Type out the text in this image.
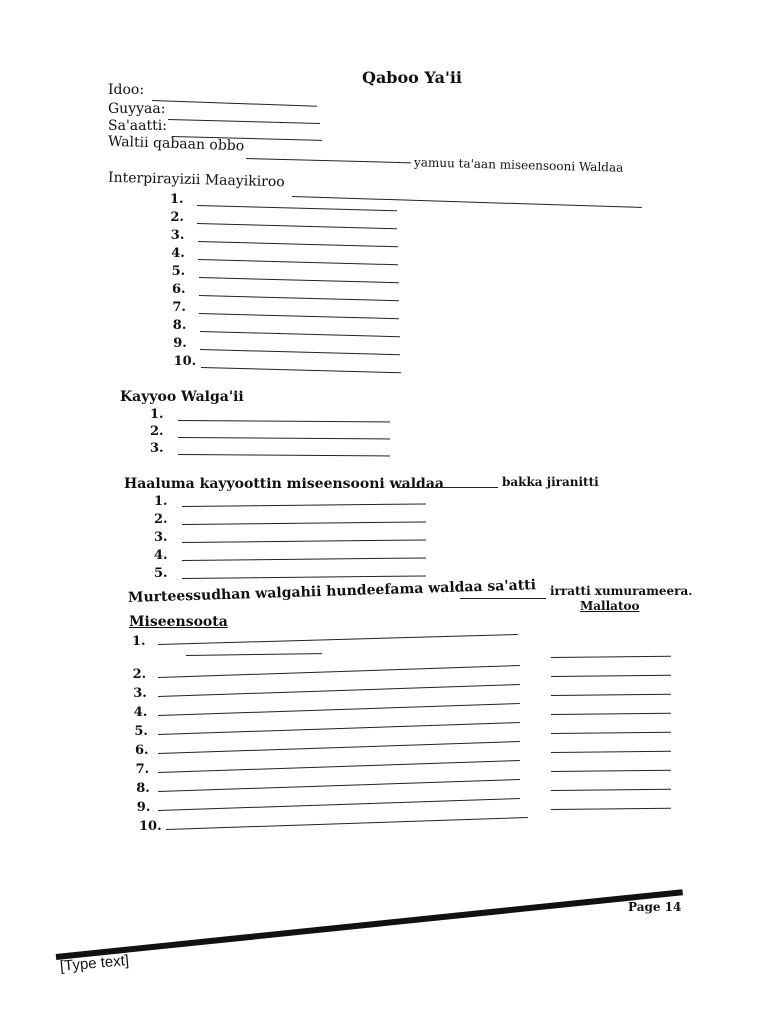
Qaboo Ya'ii
Idoo:
Guyyaa:
Sa'aatti:
Waltii qabaan obbo
yamuu ta'aan miseensooni Waldaa
Interpirayizii Maayikiroo
1.
2.
3.
4.
5.
6.
7.
8.
9.
10.
Kayyoo Walga'ii
1.
2.
3.
Haaluma kayyoottin miseensooni waldaa	bakka jiranitti
1.
2.
3.
4.
5.
Murteessudhan walgahii hundeefama waldaa sa'atti irratti xumurameera.
Mallatoo
Miseensoota
1.
2.
3.
4.
5.
6.
7.
8.
9.
10.
Page 14
[Type text]
